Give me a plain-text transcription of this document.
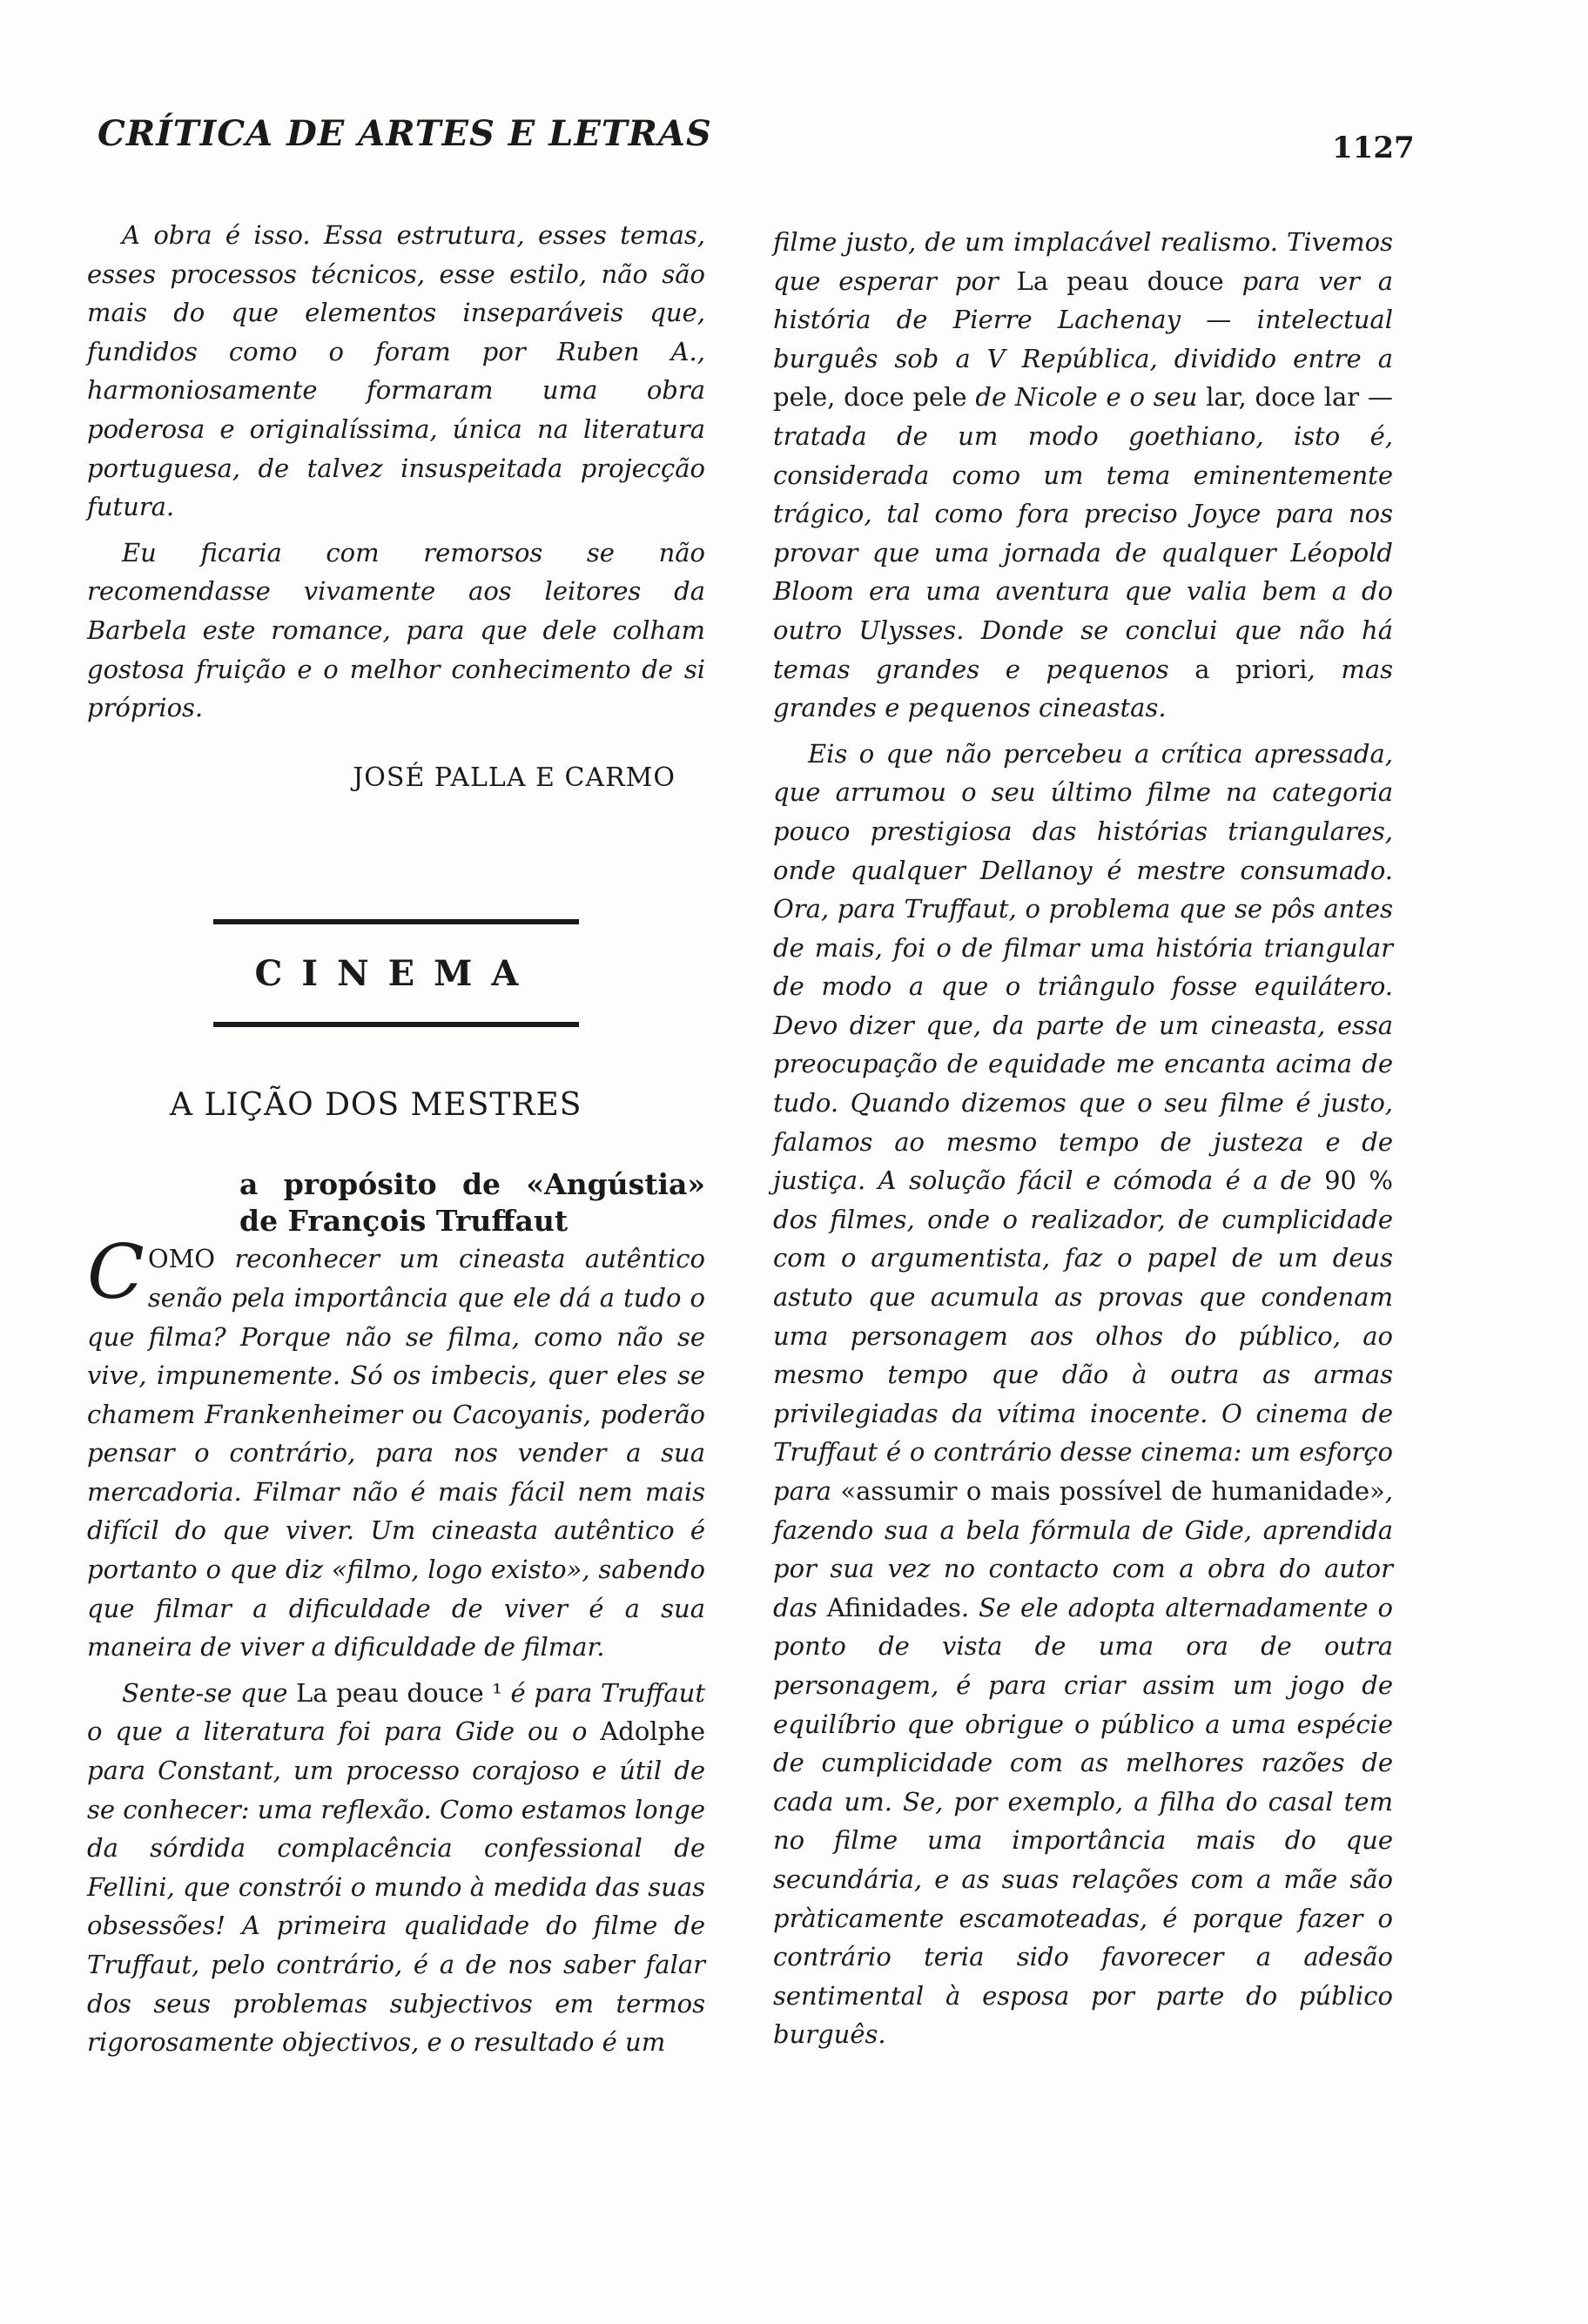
CRÍTICA DE ARTES E LETRAS	1127

A obra é isso. Essa estrutura, esses temas, esses processos técnicos, esse estilo, não são mais do que elementos inseparáveis que, fundidos como o foram por Ruben A., harmoniosamente formaram uma obra poderosa e originalíssima, única na literatura portuguesa, de talvez insuspeitada projecção futura.

Eu ficaria com remorsos se não recomendasse vivamente aos leitores da Barbela este romance, para que dele colham gostosa fruição e o melhor conhecimento de si próprios.

JOSÉ PALLA E CARMO
CINEMA
A LIÇÃO DOS MESTRES
a propósito de «Angústia» de François Truffaut

COMO reconhecer um cineasta autêntico senão pela importância que ele dá a tudo o que filma? Porque não se filma, como não se vive, impunemente. Só os imbecis, quer eles se chamem Frankenheimer ou Cacoyanis, poderão pensar o contrário, para nos vender a sua mercadoria. Filmar não é mais fácil nem mais difícil do que viver. Um cineasta autêntico é portanto o que diz «filmo, logo existo», sabendo que filmar a dificuldade de viver é a sua maneira de viver a dificuldade de filmar.

Sente-se que La peau douce ¹ é para Truffaut o que a literatura foi para Gide ou o Adolphe para Constant, um processo corajoso e útil de se conhecer: uma reflexão. Como estamos longe da sórdida complacência confessional de Fellini, que constrói o mundo à medida das suas obsessões! A primeira qualidade do filme de Truffaut, pelo contrário, é a de nos saber falar dos seus problemas subjectivos em termos rigorosamente objectivos, e o resultado é um

filme justo, de um implacável realismo. Tivemos que esperar por La peau douce para ver a história de Pierre Lachenay — intelectual burguês sob a V República, dividido entre a pele, doce pele de Nicole e o seu lar, doce lar — tratada de um modo goethiano, isto é, considerada como um tema eminentemente trágico, tal como fora preciso Joyce para nos provar que uma jornada de qualquer Léopold Bloom era uma aventura que valia bem a do outro Ulysses. Donde se conclui que não há temas grandes e pequenos a priori, mas grandes e pequenos cineastas.

Eis o que não percebeu a crítica apressada, que arrumou o seu último filme na categoria pouco prestigiosa das histórias triangulares, onde qualquer Dellanoy é mestre consumado. Ora, para Truffaut, o problema que se pôs antes de mais, foi o de filmar uma história triangular de modo a que o triângulo fosse equilátero. Devo dizer que, da parte de um cineasta, essa preocupação de equidade me encanta acima de tudo. Quando dizemos que o seu filme é justo, falamos ao mesmo tempo de justeza e de justiça. A solução fácil e cómoda é a de 90 % dos filmes, onde o realizador, de cumplicidade com o argumentista, faz o papel de um deus astuto que acumula as provas que condenam uma personagem aos olhos do público, ao mesmo tempo que dão à outra as armas privilegiadas da vítima inocente. O cinema de Truffaut é o contrário desse cinema: um esforço para «assumir o mais possível de humanidade», fazendo sua a bela fórmula de Gide, aprendida por sua vez no contacto com a obra do autor das Afinidades. Se ele adopta alternadamente o ponto de vista de uma ora de outra personagem, é para criar assim um jogo de equilíbrio que obrigue o público a uma espécie de cumplicidade com as melhores razões de cada um. Se, por exemplo, a filha do casal tem no filme uma importância mais do que secundária, e as suas relações com a mãe são pràticamente escamoteadas, é porque fazer o contrário teria sido favorecer a adesão sentimental à esposa por parte do público burguês.
